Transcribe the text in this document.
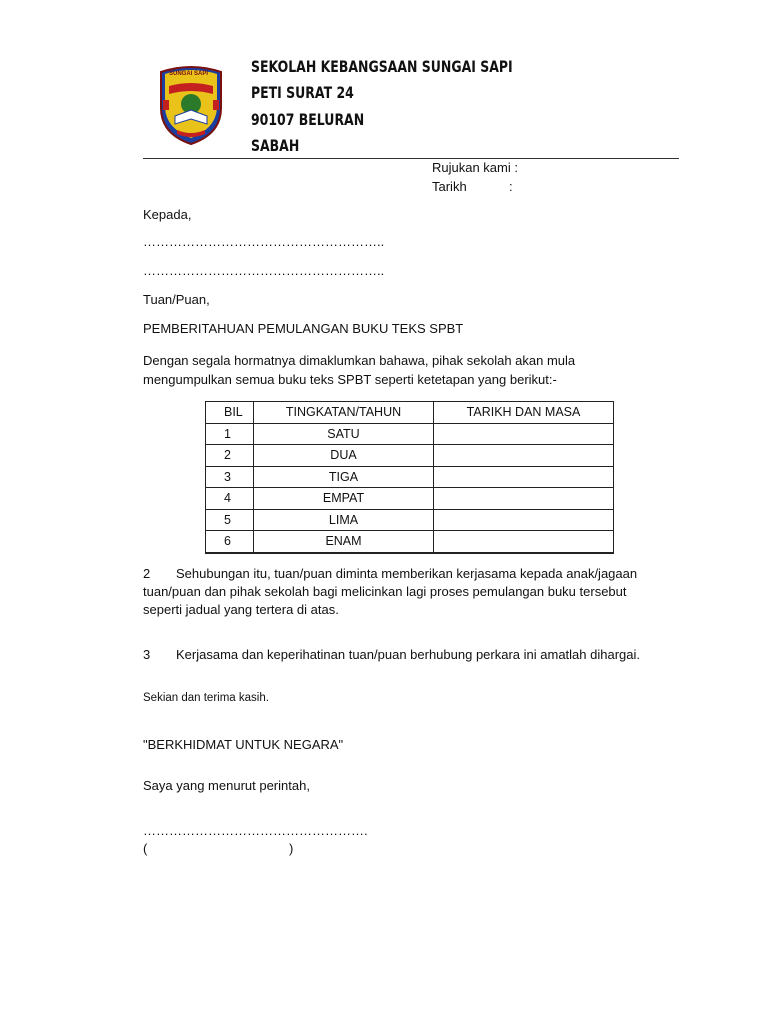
SUNGAI SAPI	SEKOLAH KEBANGSAAN SUNGAI SAPI
PETI SURAT 24
90107 BELURAN
SABAH
Rujukan kami :
Tarikh	:
Kepada,
………………………………………………..
………………………………………………..
Tuan/Puan,
PEMBERITAHUAN PEMULANGAN BUKU TEKS SPBT
Dengan segala hormatnya dimaklumkan bahawa, pihak sekolah akan mula
mengumpulkan semua buku teks SPBT seperti ketetapan yang berikut:-
BIL	TINGKATAN/TAHUN	TARIKH DAN MASA
1	SATU	
2	DUA	
3	TIGA	
4	EMPAT	
5	LIMA	
6	ENAM	
2 Sehubungan itu, tuan/puan diminta memberikan kerjasama kepada anak/jagaan
tuan/puan dan pihak sekolah bagi melicinkan lagi proses pemulangan buku tersebut
seperti jadual yang tertera di atas.
3 Kerjasama dan keperihatinan tuan/puan berhubung perkara ini amatlah dihargai.
Sekian dan terima kasih.
"BERKHIDMAT UNTUK NEGARA"
Saya yang menurut perintah,
…………………………………………….
(	)
